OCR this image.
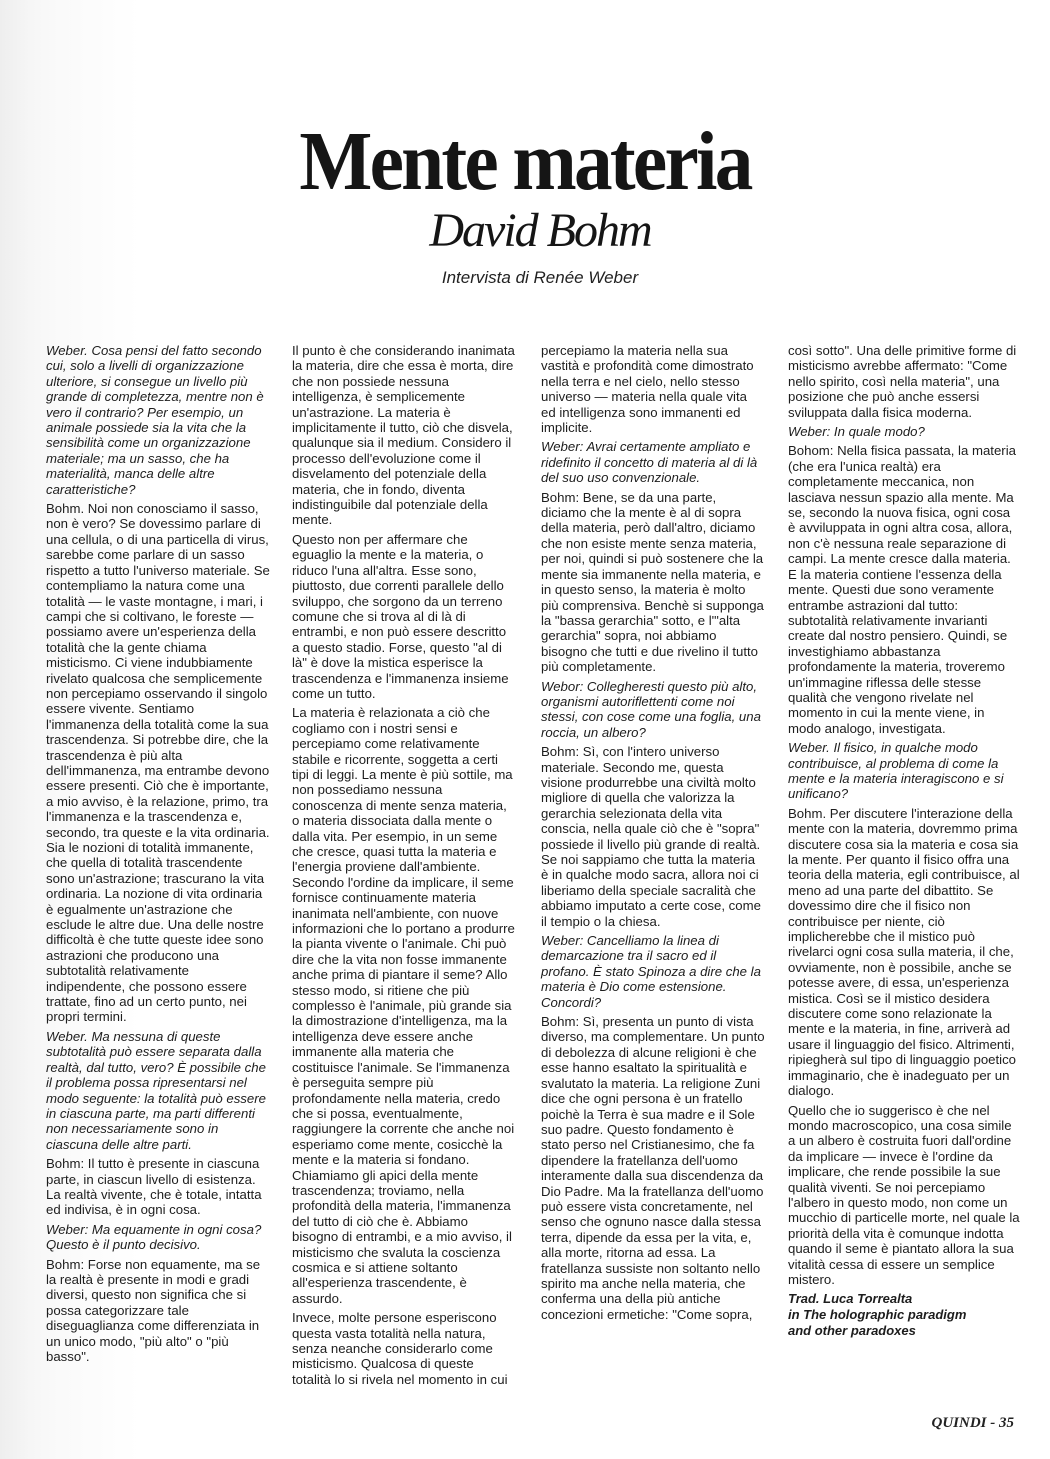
Mente materia
David Bohm
Intervista di Renée Weber

Weber. Cosa pensi del fatto secondo cui, solo a livelli di organizzazione ulteriore, si consegue un livello più grande di completezza, mentre non è vero il contrario? Per esempio, un animale possiede sia la vita che la sensibilità come un organizzazione materiale; ma un sasso, che ha materialità, manca delle altre caratteristiche?

Bohm. Noi non conosciamo il sasso, non è vero? Se dovessimo parlare di una cellula, o di una particella di virus, sarebbe come parlare di un sasso rispetto a tutto l'universo materiale. Se contempliamo la natura come una totalità — le vaste montagne, i mari, i campi che si coltivano, le foreste — possiamo avere un'esperienza della totalità che la gente chiama misticismo. Ci viene indubbiamente rivelato qualcosa che semplicemente non percepiamo osservando il singolo essere vivente. Sentiamo l'immanenza della totalità come la sua trascendenza. Si potrebbe dire, che la trascendenza è più alta dell'immanenza, ma entrambe devono essere presenti. Ciò che è importante, a mio avviso, è la relazione, primo, tra l'immanenza e la trascendenza e, secondo, tra queste e la vita ordinaria. Sia le nozioni di totalità immanente, che quella di totalità trascendente sono un'astrazione; trascurano la vita ordinaria. La nozione di vita ordinaria è egualmente un'astrazione che esclude le altre due. Una delle nostre difficoltà è che tutte queste idee sono astrazioni che producono una subtotalità relativamente indipendente, che possono essere trattate, fino ad un certo punto, nei propri termini.

Weber. Ma nessuna di queste subtotalità può essere separata dalla realtà, dal tutto, vero? È possibile che il problema possa ripresentarsi nel modo seguente: la totalità può essere in ciascuna parte, ma parti differenti non necessariamente sono in ciascuna delle altre parti.

Bohm: Il tutto è presente in ciascuna parte, in ciascun livello di esistenza. La realtà vivente, che è totale, intatta ed indivisa, è in ogni cosa.

Weber: Ma equamente in ogni cosa? Questo è il punto decisivo.

Bohm: Forse non equamente, ma se la realtà è presente in modi e gradi diversi, questo non significa che si possa categorizzare tale diseguaglianza come differenziata in un unico modo, "più alto" o "più basso".

Il punto è che considerando inanimata la materia, dire che essa è morta, dire che non possiede nessuna intelligenza, è semplicemente un'astrazione. La materia è implicitamente il tutto, ciò che disvela, qualunque sia il medium. Considero il processo dell'evoluzione come il disvelamento del potenziale della materia, che in fondo, diventa indistinguibile dal potenziale della mente.

Questo non per affermare che eguaglio la mente e la materia, o riduco l'una all'altra. Esse sono, piuttosto, due correnti parallele dello sviluppo, che sorgono da un terreno comune che si trova al di là di entrambi, e non può essere descritto a questo stadio. Forse, questo "al di là" è dove la mistica esperisce la trascendenza e l'immanenza insieme come un tutto.

La materia è relazionata a ciò che cogliamo con i nostri sensi e percepiamo come relativamente stabile e ricorrente, soggetta a certi tipi di leggi. La mente è più sottile, ma non possediamo nessuna conoscenza di mente senza materia, o materia dissociata dalla mente o dalla vita. Per esempio, in un seme che cresce, quasi tutta la materia e l'energia proviene dall'ambiente. Secondo l'ordine da implicare, il seme fornisce continuamente materia inanimata nell'ambiente, con nuove informazioni che lo portano a produrre la pianta vivente o l'animale. Chi può dire che la vita non fosse immanente anche prima di piantare il seme? Allo stesso modo, si ritiene che più complesso è l'animale, più grande sia la dimostrazione d'intelligenza, ma la intelligenza deve essere anche immanente alla materia che costituisce l'animale. Se l'immanenza è perseguita sempre più profondamente nella materia, credo che si possa, eventualmente, raggiungere la corrente che anche noi esperiamo come mente, cosicchè la mente e la materia si fondano. Chiamiamo gli apici della mente trascendenza; troviamo, nella profondità della materia, l'immanenza del tutto di ciò che è. Abbiamo bisogno di entrambi, e a mio avviso, il misticismo che svaluta la coscienza cosmica e si attiene soltanto all'esperienza trascendente, è assurdo.

Invece, molte persone esperiscono questa vasta totalità nella natura, senza neanche considerarlo come misticismo. Qualcosa di queste totalità lo si rivela nel momento in cui

percepiamo la materia nella sua vastità e profondità come dimostrato nella terra e nel cielo, nello stesso universo — materia nella quale vita ed intelligenza sono immanenti ed implicite.

Weber: Avrai certamente ampliato e ridefinito il concetto di materia al di là del suo uso convenzionale.

Bohm: Bene, se da una parte, diciamo che la mente è al di sopra della materia, però dall'altro, diciamo che non esiste mente senza materia, per noi, quindi si può sostenere che la mente sia immanente nella materia, e in questo senso, la materia è molto più comprensiva. Benchè si supponga la "bassa gerarchia" sotto, e l'"alta gerarchia" sopra, noi abbiamo bisogno che tutti e due rivelino il tutto più completamente.

Webor: Collegheresti questo più alto, organismi autoriflettenti come noi stessi, con cose come una foglia, una roccia, un albero?

Bohm: Sì, con l'intero universo materiale. Secondo me, questa visione produrrebbe una civiltà molto migliore di quella che valorizza la gerarchia selezionata della vita conscia, nella quale ciò che è "sopra" possiede il livello più grande di realtà. Se noi sappiamo che tutta la materia è in qualche modo sacra, allora noi ci liberiamo della speciale sacralità che abbiamo imputato a certe cose, come il tempio o la chiesa.

Weber: Cancelliamo la linea di demarcazione tra il sacro ed il profano. È stato Spinoza a dire che la materia è Dio come estensione. Concordi?

Bohm: Sì, presenta un punto di vista diverso, ma complementare. Un punto di debolezza di alcune religioni è che esse hanno esaltato la spiritualità e svalutato la materia. La religione Zuni dice che ogni persona è un fratello poichè la Terra è sua madre e il Sole suo padre. Questo fondamento è stato perso nel Cristianesimo, che fa dipendere la fratellanza dell'uomo interamente dalla sua discendenza da Dio Padre. Ma la fratellanza dell'uomo può essere vista concretamente, nel senso che ognuno nasce dalla stessa terra, dipende da essa per la vita, e, alla morte, ritorna ad essa. La fratellanza sussiste non soltanto nello spirito ma anche nella materia, che conferma una della più antiche concezioni ermetiche: "Come sopra,

così sotto". Una delle primitive forme di misticismo avrebbe affermato: "Come nello spirito, così nella materia", una posizione che può anche essersi sviluppata dalla fisica moderna.

Weber: In quale modo?

Bohom: Nella fisica passata, la materia (che era l'unica realtà) era completamente meccanica, non lasciava nessun spazio alla mente. Ma se, secondo la nuova fisica, ogni cosa è avviluppata in ogni altra cosa, allora, non c'è nessuna reale separazione di campi. La mente cresce dalla materia. E la materia contiene l'essenza della mente. Questi due sono veramente entrambe astrazioni dal tutto: subtotalità relativamente invarianti create dal nostro pensiero. Quindi, se investighiamo abbastanza profondamente la materia, troveremo un'immagine riflessa delle stesse qualità che vengono rivelate nel momento in cui la mente viene, in modo analogo, investigata.

Weber. Il fisico, in qualche modo contribuisce, al problema di come la mente e la materia interagiscono e si unificano?

Bohm. Per discutere l'interazione della mente con la materia, dovremmo prima discutere cosa sia la materia e cosa sia la mente. Per quanto il fisico offra una teoria della materia, egli contribuisce, al meno ad una parte del dibattito. Se dovessimo dire che il fisico non contribuisce per niente, ciò implicherebbe che il mistico può rivelarci ogni cosa sulla materia, il che, ovviamente, non è possibile, anche se potesse avere, di essa, un'esperienza mistica. Così se il mistico desidera discutere come sono relazionate la mente e la materia, in fine, arriverà ad usare il linguaggio del fisico. Altrimenti, ripiegherà sul tipo di linguaggio poetico immaginario, che è inadeguato per un dialogo.

Quello che io suggerisco è che nel mondo macroscopico, una cosa simile a un albero è costruita fuori dall'ordine da implicare — invece è l'ordine da implicare, che rende possibile la sue qualità viventi. Se noi percepiamo l'albero in questo modo, non come un mucchio di particelle morte, nel quale la priorità della vita è comunque indotta quando il seme è piantato allora la sua vitalità cessa di essere un semplice mistero.

Trad. Luca Torrealta
in The holographic paradigm
and other paradoxes
QUINDI - 35
